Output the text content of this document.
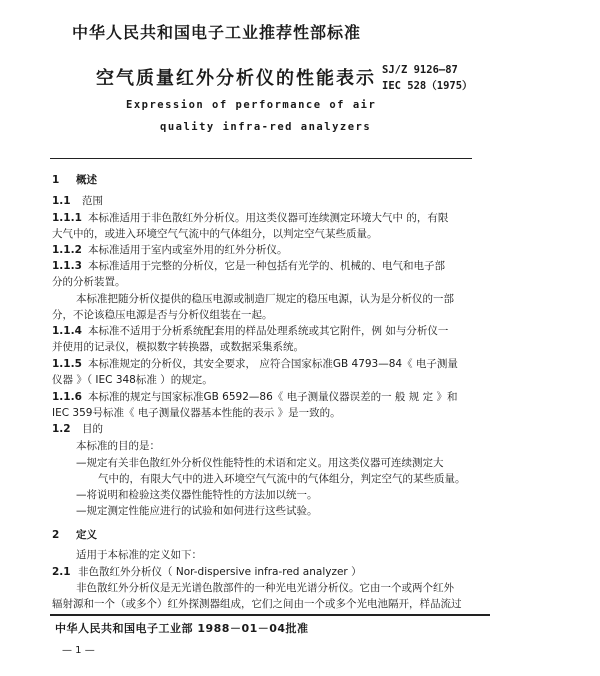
中华人民共和国电子工业推荐性部标准
空气质量红外分析仪的性能表示 SJ/Z 9126—87
IEC 528（1975）
Expression of performance of air
quality infra-red analyzers
1 概述
1.1 范围
1.1.1 本标准适用于非色散红外分析仪。用这类仪器可连续测定环境大气中 的，有限
大气中的，或进入环境空气气流中的气体组分，以判定空气某些质量。
1.1.2 本标准适用于室内或室外用的红外分析仪。
1.1.3 本标准适用于完整的分析仪，它是一种包括有光学的、机械的、电气和电子部
分的分析装置。
本标准把随分析仪提供的稳压电源或制造厂规定的稳压电源，认为是分析仪的一部
分，不论该稳压电源是否与分析仪组装在一起。
1.1.4 本标准不适用于分析系统配套用的样品处理系统或其它附件，例 如与分析仪一
并使用的记录仪，模拟数字转换器，或数据采集系统。
1.1.5 本标准规定的分析仪，其安全要求， 应符合国家标准GB 4793—84《 电子测量
仪器 》（ IEC 348标准 ）的规定。
1.1.6 本标准的规定与国家标准GB 6592—86《 电子测量仪器误差的一 般 规 定 》和
IEC 359号标准《 电子测量仪器基本性能的表示 》是一致的。
1.2 目的
本标准的目的是：
—规定有关非色散红外分析仪性能特性的术语和定义。用这类仪器可连续测定大
气中的，有限大气中的进入环境空气气流中的气体组分，判定空气的某些质量。
—将说明和检验这类仪器性能特性的方法加以统一。
—规定测定性能应进行的试验和如何进行这些试验。
2 定义
适用于本标准的定义如下：
2.1 非色散红外分析仪（ Nor-dispersive infra-red analyzer ）
非色散红外分析仪是无光谱色散部件的一种光电光谱分析仪。它由一个或两个红外
辐射源和一个（或多个）红外探测器组成，它们之间由一个或多个光电池隔开，样品流过
中华人民共和国电子工业部 1988－01－04批准
— 1 —
